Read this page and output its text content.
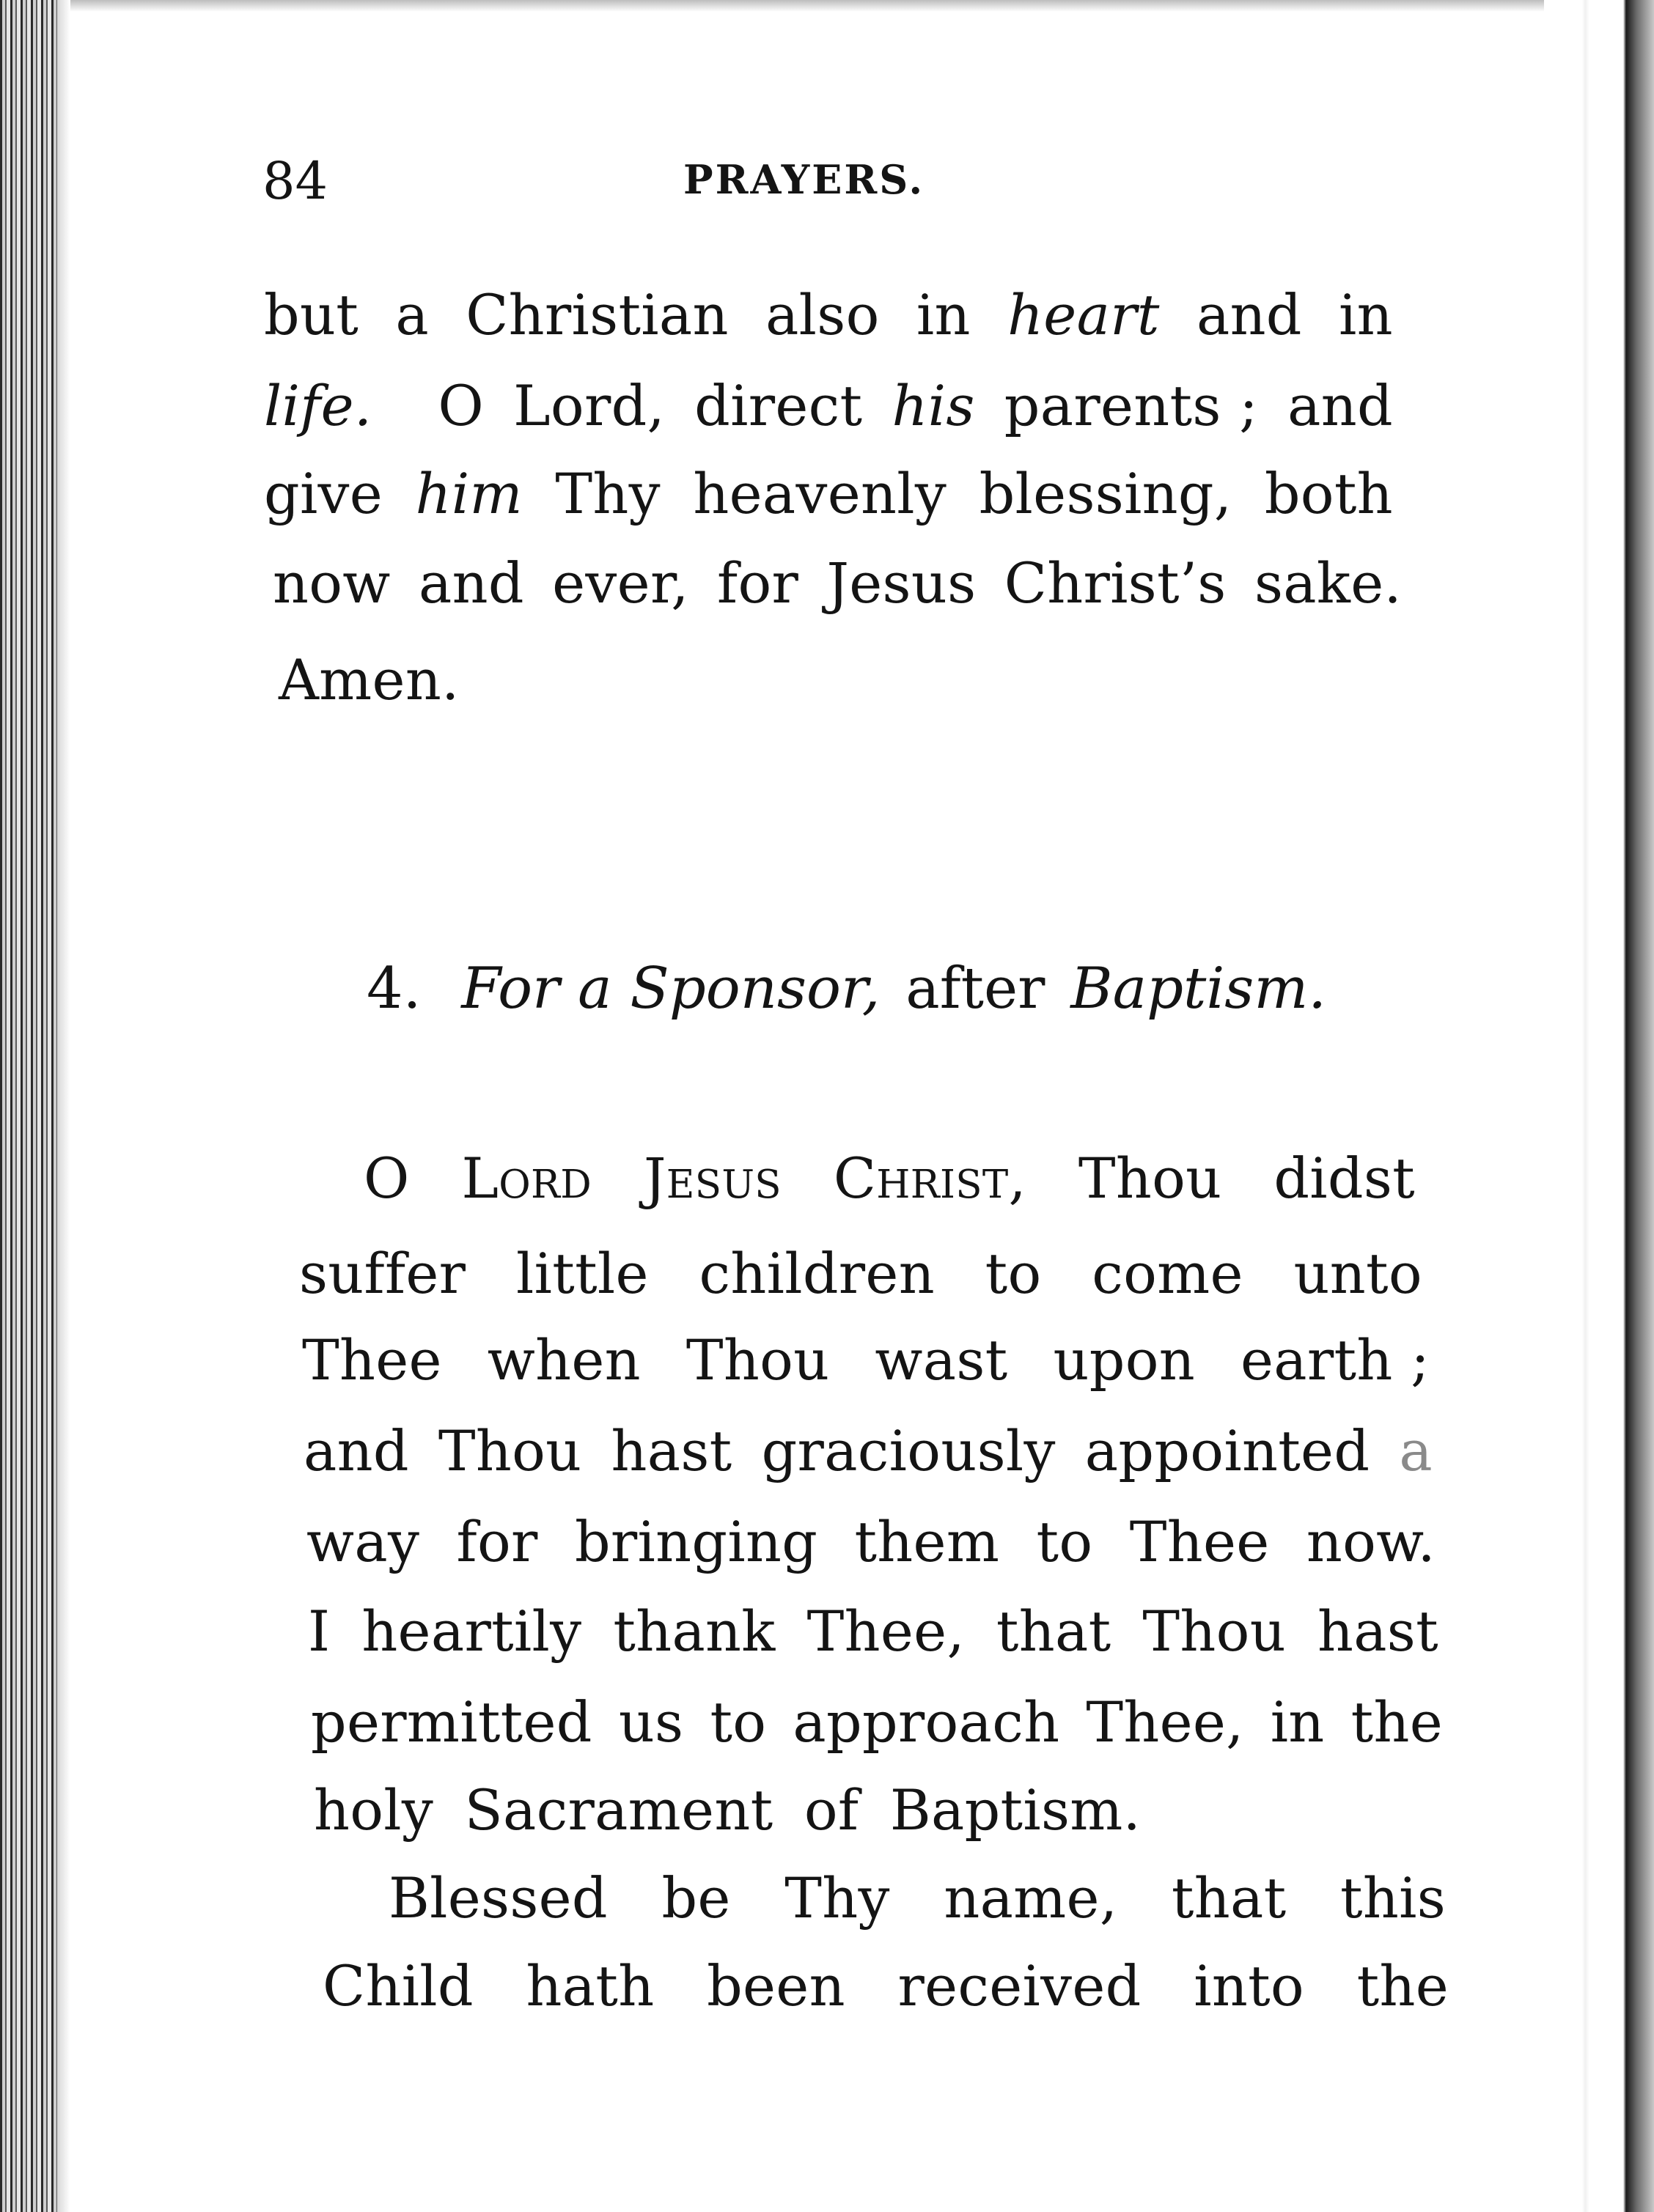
84	PRAYERS.
but a Christian also in heart and in
life. O Lord, direct his parents ; and
give him Thy heavenly blessing, both
now and ever, for Jesus Christ’s sake.
Amen.
4. For a Sponsor, after Baptism.
O Lord Jesus Christ, Thou didst
suffer little children to come unto
Thee when Thou wast upon earth ;
and Thou hast graciously appointed a
way for bringing them to Thee now.
I heartily thank Thee, that Thou hast
permitted us to approach Thee, in the
holy Sacrament of Baptism.
Blessed be Thy name, that this
Child hath been received into the
